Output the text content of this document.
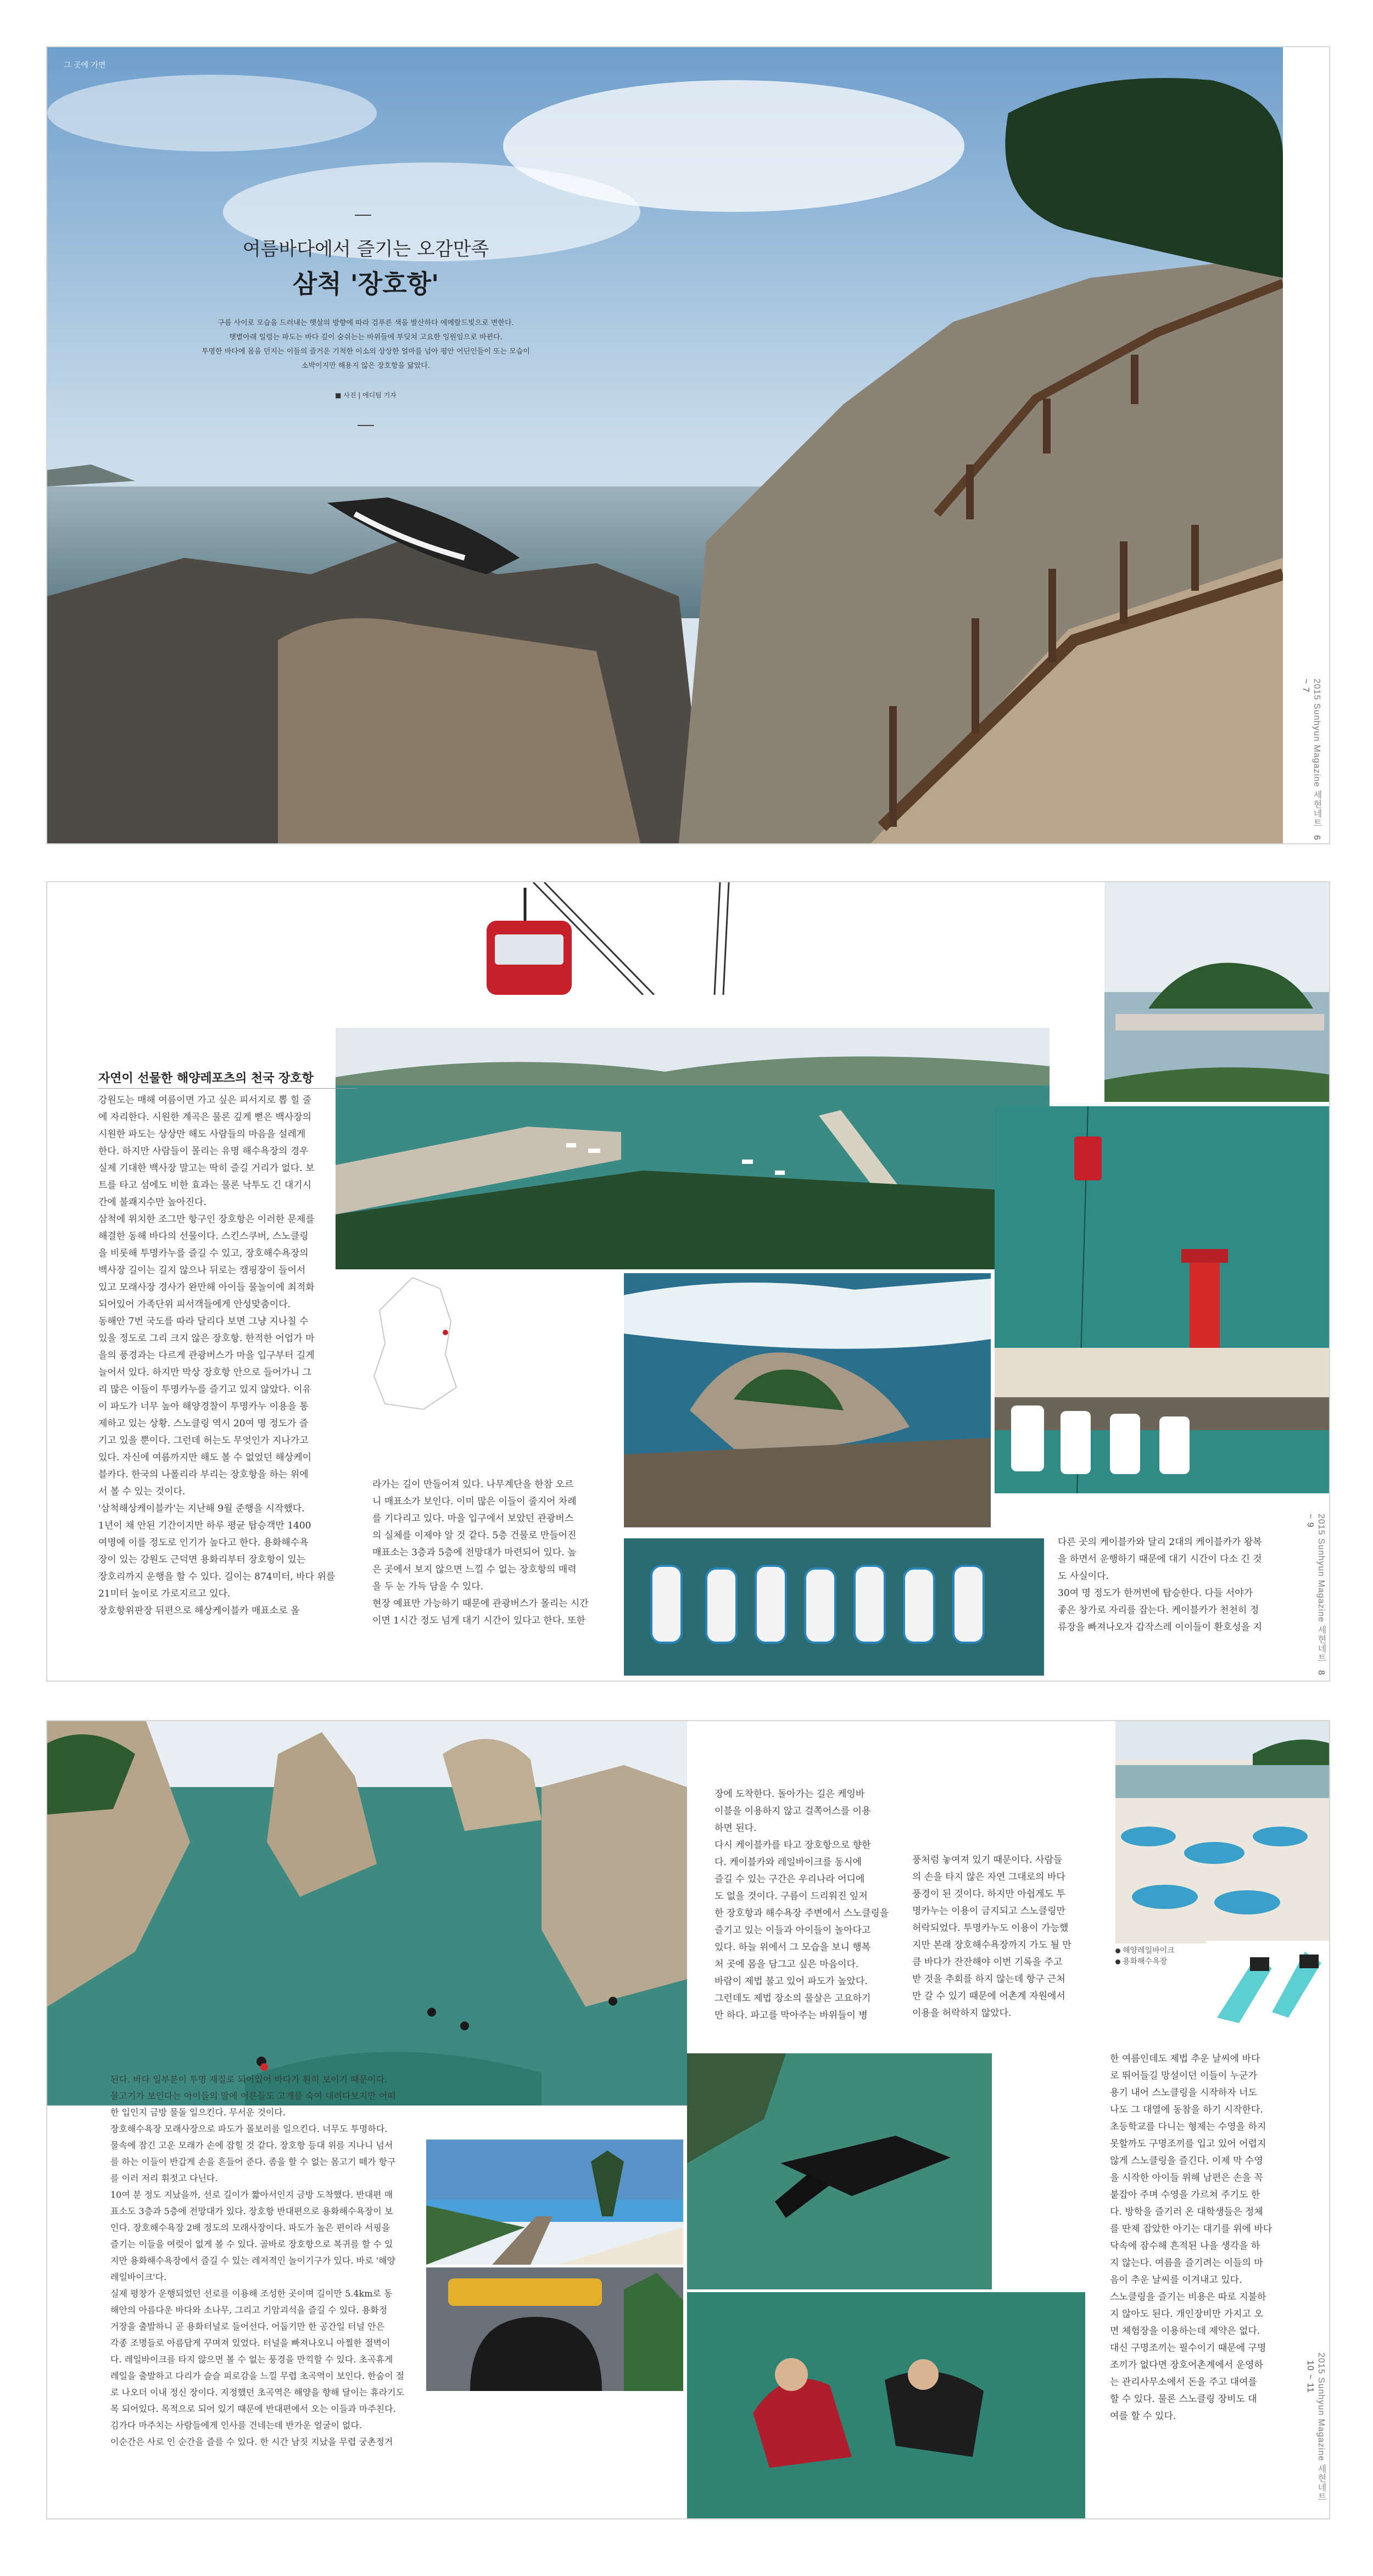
그 곳에 가면
여름바다에서 즐기는 오감만족
삼척 '장호항'
구름 사이로 모습을 드러내는 햇살의 방향에 따라 검푸른 색을 발산하다 에메랄드빛으로 변한다.
햇볕아래 일렁는 파도는 바다 깊이 숨쉬는는 바위들에 부딪쳐 고요한 잉원임으로 바뀐다.
투명한 바다에 몸을 던지는 이들의 즐거운 기척한 이소의 상상한 얼마를 넘아 평안 어딘인들이 또는 모습이
소박이지만 해용지 않은 장호항을 닮았다.
■ 사진 | 에디팀 기자
2015 Sunhyun Magazine 세현네트6 ~ 7
자연이 선물한 해양레포츠의 천국 장호항
강원도는 매해 여름이면 가고 싶은 피서지로 뽑 힐 줄
에 자리한다. 시원한 계곡은 물론 깊게 뻗은 백사장의
시원한 파도는 상상만 해도 사람들의 마음을 설레게
한다. 하지만 사람들이 몰리는 유명 해수욕장의 경우
실제 기대한 백사장 말고는 딱히 즐길 거리가 없다. 보
트를 타고 섬에도 비한 효과는 물론 낙투도 긴 대기시
간에 불쾌지수만 높아진다.
삼척에 위치한 조그만 항구인 장호항은 이러한 문제를
해결한 동해 바다의 선물이다. 스킨스쿠버, 스노클링
을 비롯해 투명카누를 즐길 수 있고, 장호해수욕장의
백사장 길이는 길지 않으나 뒤로는 캠핑장이 들어서
있고 모래사장 경사가 완만해 아이들 물놀이에 최적화
되어있어 가족단위 피서객들에게 안성맞춤이다.
동해안 7번 국도를 따라 달리다 보면 그냥 지나칠 수
있을 정도로 그리 크지 않은 장호항. 한적한 어업가 마
을의 풍경과는 다르게 관광버스가 마을 입구부터 길게
늘어서 있다. 하지만 막상 장호항 안으로 들어가니 그
리 많은 이들이 투명카누를 즐기고 있지 않았다. 이유
이 파도가 너무 높아 해양경찰이 투명카누 이용을 통
제하고 있는 상황. 스노클링 역시 20여 명 정도가 즐
기고 있을 뿐이다. 그런데 허는도 무엇인가 지나가고
있다. 자신에 여름까지만 해도 볼 수 없었던 해상케이
블카다. 한국의 나폴리라 부리는 장호항을 하는 위에
서 볼 수 있는 것이다.
'삼척해상케이블카'는 지난해 9월 준행을 시작했다.
1년이 채 안된 기간이지만 하루 평균 탑승객만 1400
여명에 이를 정도로 인기가 높다고 한다. 용화해수욕
장이 있는 강원도 근덕면 용화리부터 장호항이 있는
장호리까지 운행을 할 수 있다. 길이는 874미터, 바다 위를
21미터 높이로 가로지르고 있다.
장호항위판장 뒤편으로 해상케이블카 매표소로 올
라가는 길이 만들어져 있다. 나무계단을 한참 오르
니 매표소가 보인다. 이미 많은 이들이 줄지어 차례
를 기다리고 있다. 마을 입구에서 보았던 관광버스
의 실체를 이제야 알 것 같다. 5층 건물로 만들어진
매표소는 3층과 5층에 전망대가 마련되어 있다. 높
은 곳에서 보지 않으면 느낄 수 없는 장호항의 매력
을 두 눈 가득 담을 수 있다.
현장 예표만 가능하기 때문에 관광버스가 몰리는 시간
이면 1시간 정도 넘게 대기 시간이 있다고 한다. 또한
다른 곳의 케이블카와 달리 2대의 케이블카가 왕복
을 하면서 운행하기 때문에 대기 시간이 다소 긴 것
도 사실이다.
30여 명 정도가 한꺼번에 탑승한다. 다들 서야가
좋은 창가로 자리를 잡는다. 케이블카가 천천히 정
류장을 빠져나오자 갑작스레 이이들이 환호성을 지	2015 Sunhyun Magazine 세현네트8 ~ 9
해양레일바이크
용화해수욕장
장에 도착한다. 돌아가는 길은 케잉바
이블을 이용하지 않고 걸쪽어스를 이용
하면 된다.
다시 케이블카를 타고 장호항으로 향한
다. 케이블카와 레일바이크를 동시에
즐길 수 있는 구간은 우리나라 어디에
도 없을 것이다. 구름이 드리워진 잎저
한 장호항과 해수욕장 주변에서 스노클링을
즐기고 있는 이들과 아이들이 놀아다고
있다. 하늘 위에서 그 모습을 보니 행복
처 곳에 몸을 담그고 싶은 마음이다.
바람이 제법 불고 있어 파도가 높았다.
그런데도 제법 장소의 물살은 고요하기
만 하다. 파고를 막아주는 바위들이 병
풍처럼 놓여져 있기 때문이다. 사람들
의 손을 타지 않은 자연 그대로의 바다
풍경이 된 것이다. 하지만 아쉽게도 투
명카누는 이용이 금지되고 스노클링만
허락되었다. 투명카누도 이용이 가능했
지만 본래 장호해수욕장까지 가도 될 만
큼 바다가 잔잔해야 이번 기록을 주고
받 것을 추회를 하지 않는데 항구 근처
만 갈 수 있기 때문에 어촌계 자원에서
이용을 허락하지 않았다.
된다. 바다 일부분이 투명 재질로 되어있어 바다가 훤히 보이기 때문이다.
물고기가 보인다는 아이들의 말에 어른들도 고개를 숙여 내려다보지만 어떠
한 입인지 금방 물돌 일으킨다. 무서운 것이다.
장호해수욕장 모래사장으로 파도가 몰보러를 일으킨다. 너무도 투명하다.
물속에 잠긴 고운 모래가 손에 잡힐 것 같다. 장호항 등대 위를 지나니 넘서
를 하는 이들이 반갑게 손을 흔들어 준다. 좀을 할 수 없는 몸고기 떼가 항구
를 이러 저리 휘젓고 다닌다.
10여 분 정도 지났을까, 선로 길이가 짧아서인지 금방 도착했다. 반대편 매
표소도 3층과 5층에 전망대가 있다. 장호항 반대편으로 용화해수욕장이 보
인다. 장호해수욕장 2배 정도의 모래사장이다. 파도가 높은 편이라 서핑을
즐기는 이들을 여럿이 없게 볼 수 있다. 골바로 장호항으로 복귀를 할 수 있
지만 용화해수욕장에서 즐길 수 있는 레저적인 놀이기구가 있다. 바로 '해양
레일바이크'다.
실제 평창가 운행되었던 선로를 이용해 조성한 곳이며 길이만 5.4km로 동
해안의 아름다운 바다와 소나무, 그리고 기암괴석을 즐길 수 있다. 용화정
거장을 출발하니 곧 용화터널로 들어선다. 어둡기만 한 공간일 터널 안은
각종 조명들로 아름답게 꾸며져 있었다. 터널을 빠져나오니 아찔한 절벽이
다. 레일바이크를 타지 않으면 볼 수 없는 풍경을 만끽할 수 있다. 초곡휴게
레일을 출발하고 다리가 슬슬 피로감을 느낄 무렵 초곡역이 보인다. 한숨이 절
로 나오더 이내 정신 장이다. 지정했던 초곡역은 해양을 향해 달이는 휴라기도
목 되어있다. 목적으로 되어 있기 때문에 반대편에서 오는 이들과 마주친다.
김가다 마주치는 사람들에게 인사를 건네는데 반가운 얼굴이 없다.
이순간은 사로 인 순간을 즐를 수 있다. 한 시간 남짓 지났을 무렵 궁촌정거
한 여름인데도 제법 추운 날씨에 바다
로 뛰어들길 망설이던 이들이 누군가
용기 내어 스노클링을 시작하자 너도
나도 그 대열에 동참을 하기 시작한다.
초등학교를 다니는 형제는 수영을 하지
못할까도 구명조끼를 입고 있어 어렵지
않게 스노클링을 즐긴다. 이제 막 수영
을 시작한 아이들 위해 남편은 손을 꼭
붙잡아 주며 수영을 가르쳐 주기도 한
다. 방학을 즐기러 온 대학생들은 정체
를 딴제 잡았한 아기는 대기를 위에 바다
닥속에 잠수해 흔적된 나을 생각을 하
지 않는다. 여름을 즐기려는 이들의 마
음이 추운 날씨를 이겨내고 있다.
스노클링을 즐기는 비용은 따로 지불하
지 않아도 된다. 개인장비만 가지고 오
면 체험장을 이용하는데 제약은 없다.
대신 구명조끼는 필수이기 때문에 구명
조끼가 없다면 장호어촌계에서 운영하
는 관리사무소에서 돈을 주고 대여를
할 수 있다. 물론 스노클링 장비도 대
여를 할 수 있다.	2015 Sunhyun Magazine 세현네트10 ~ 11
